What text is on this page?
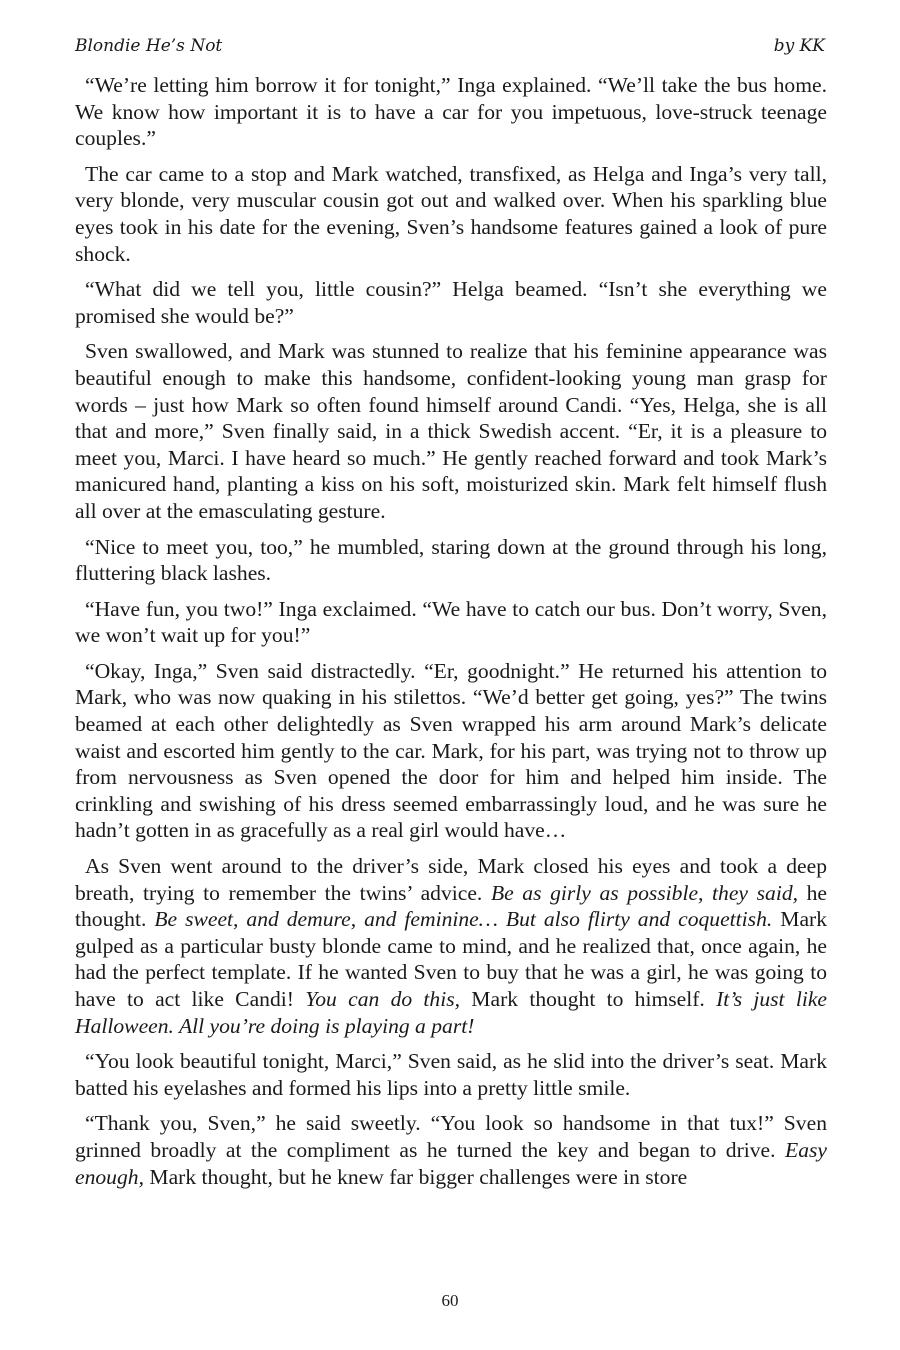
Blondie He’s Not	by KK

“We’re letting him borrow it for tonight,” Inga explained. “We’ll take the bus home. We know how important it is to have a car for you impetuous, love-struck teenage couples.”

The car came to a stop and Mark watched, transfixed, as Helga and Inga’s very tall, very blonde, very muscular cousin got out and walked over. When his sparkling blue eyes took in his date for the evening, Sven’s handsome features gained a look of pure shock.

“What did we tell you, little cousin?” Helga beamed. “Isn’t she everything we promised she would be?”

Sven swallowed, and Mark was stunned to realize that his feminine appearance was beautiful enough to make this handsome, confident-looking young man grasp for words – just how Mark so often found himself around Candi. “Yes, Helga, she is all that and more,” Sven finally said, in a thick Swedish accent. “Er, it is a pleasure to meet you, Marci. I have heard so much.” He gently reached forward and took Mark’s manicured hand, planting a kiss on his soft, moisturized skin. Mark felt himself flush all over at the emasculating gesture.

“Nice to meet you, too,” he mumbled, staring down at the ground through his long, fluttering black lashes.

“Have fun, you two!” Inga exclaimed. “We have to catch our bus. Don’t worry, Sven, we won’t wait up for you!”

“Okay, Inga,” Sven said distractedly. “Er, goodnight.” He returned his attention to Mark, who was now quaking in his stilettos. “We’d better get going, yes?” The twins beamed at each other delightedly as Sven wrapped his arm around Mark’s delicate waist and escorted him gently to the car. Mark, for his part, was trying not to throw up from nervousness as Sven opened the door for him and helped him inside. The crinkling and swishing of his dress seemed embarrassingly loud, and he was sure he hadn’t gotten in as gracefully as a real girl would have…

As Sven went around to the driver’s side, Mark closed his eyes and took a deep breath, trying to remember the twins’ advice. Be as girly as possible, they said, he thought. Be sweet, and demure, and feminine… But also flirty and coquettish. Mark gulped as a particular busty blonde came to mind, and he realized that, once again, he had the perfect template. If he wanted Sven to buy that he was a girl, he was going to have to act like Candi! You can do this, Mark thought to himself. It’s just like Halloween. All you’re doing is playing a part!

“You look beautiful tonight, Marci,” Sven said, as he slid into the driver’s seat. Mark batted his eyelashes and formed his lips into a pretty little smile.

“Thank you, Sven,” he said sweetly. “You look so handsome in that tux!” Sven grinned broadly at the compliment as he turned the key and began to drive. Easy enough, Mark thought, but he knew far bigger challenges were in store

60
